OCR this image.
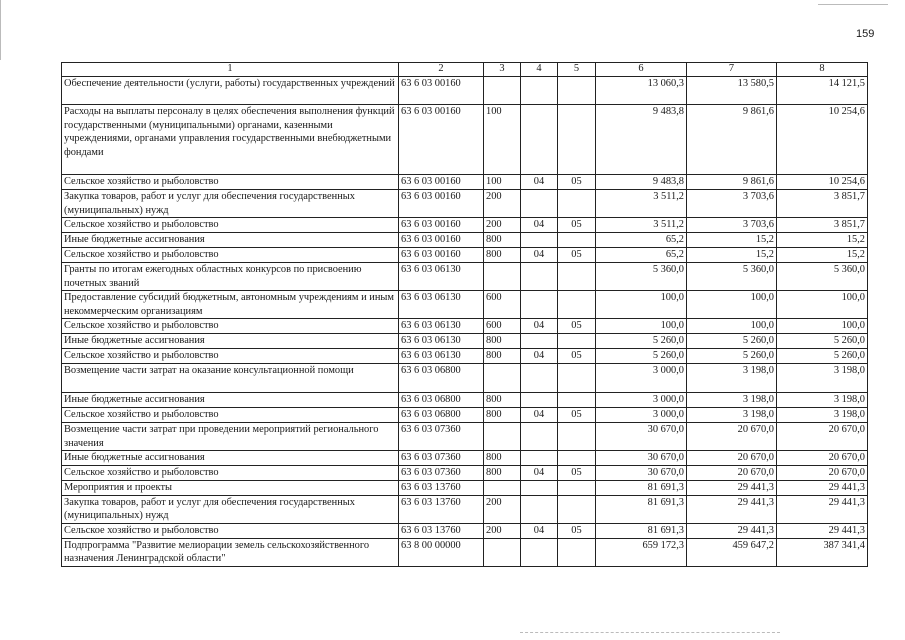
159
1	2	3	4	5	6	7	8
Обеспечение деятельности (услуги, работы) государственных учреждений	63 6 03 00160				13 060,3	13 580,5	14 121,5
Расходы на выплаты персоналу в целях обеспечения выполнения функций государственными (муниципальными) органами, казенными учреждениями, органами управления государственными внебюджетными фондами	63 6 03 00160	100			9 483,8	9 861,6	10 254,6
Сельское хозяйство и рыболовство	63 6 03 00160	100	04	05	9 483,8	9 861,6	10 254,6
Закупка товаров, работ и услуг для обеспечения государственных (муниципальных) нужд	63 6 03 00160	200			3 511,2	3 703,6	3 851,7
Сельское хозяйство и рыболовство	63 6 03 00160	200	04	05	3 511,2	3 703,6	3 851,7
Иные бюджетные ассигнования	63 6 03 00160	800			65,2	15,2	15,2
Сельское хозяйство и рыболовство	63 6 03 00160	800	04	05	65,2	15,2	15,2
Гранты по итогам ежегодных областных конкурсов по присвоению почетных званий	63 6 03 06130				5 360,0	5 360,0	5 360,0
Предоставление субсидий бюджетным, автономным учреждениям и иным некоммерческим организациям	63 6 03 06130	600			100,0	100,0	100,0
Сельское хозяйство и рыболовство	63 6 03 06130	600	04	05	100,0	100,0	100,0
Иные бюджетные ассигнования	63 6 03 06130	800			5 260,0	5 260,0	5 260,0
Сельское хозяйство и рыболовство	63 6 03 06130	800	04	05	5 260,0	5 260,0	5 260,0
Возмещение части затрат на оказание консультационной помощи	63 6 03 06800				3 000,0	3 198,0	3 198,0
Иные бюджетные ассигнования	63 6 03 06800	800			3 000,0	3 198,0	3 198,0
Сельское хозяйство и рыболовство	63 6 03 06800	800	04	05	3 000,0	3 198,0	3 198,0
Возмещение части затрат при проведении мероприятий регионального значения	63 6 03 07360				30 670,0	20 670,0	20 670,0
Иные бюджетные ассигнования	63 6 03 07360	800			30 670,0	20 670,0	20 670,0
Сельское хозяйство и рыболовство	63 6 03 07360	800	04	05	30 670,0	20 670,0	20 670,0
Мероприятия и проекты	63 6 03 13760				81 691,3	29 441,3	29 441,3
Закупка товаров, работ и услуг для обеспечения государственных (муниципальных) нужд	63 6 03 13760	200			81 691,3	29 441,3	29 441,3
Сельское хозяйство и рыболовство	63 6 03 13760	200	04	05	81 691,3	29 441,3	29 441,3
Подпрограмма "Развитие мелиорации земель сельскохозяйственного назначения Ленинградской области"	63 8 00 00000				659 172,3	459 647,2	387 341,4
